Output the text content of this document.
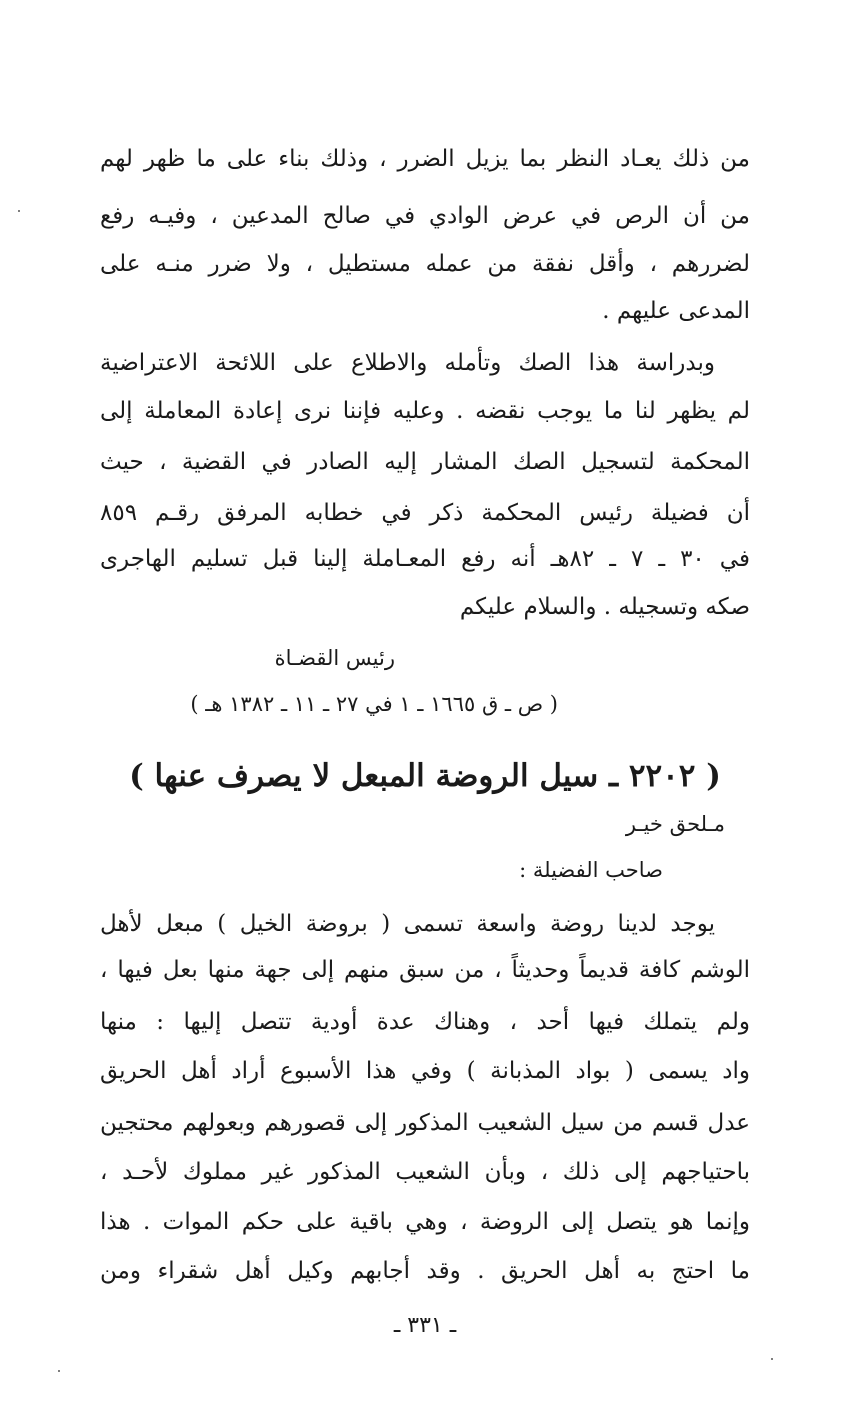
من ذلك يعـاد النظر بما يزيل الضرر ، وذلك بناء على ما ظهر لهم
من أن الرص في عرض الوادي في صالح المدعين ، وفيـه رفع
لضررهم ، وأقل نفقة من عمله مستطيل ، ولا ضرر منـه على
المدعى عليهم .
وبدراسة هذا الصك وتأمله والاطلاع على اللائحة الاعتراضية
لم يظهر لنا ما يوجب نقضه . وعليه فإننا نرى إعادة المعاملة إلى
المحكمة لتسجيل الصك المشار إليه الصادر في القضية ، حيث
أن فضيلة رئيس المحكمة ذكر في خطابه المرفق رقـم ٨٥٩
في ٣٠ ـ ٧ ـ ٨٢هـ أنه رفع المعـاملة إلينا قبل تسليم الهاجرى
صكه وتسجيله . والسلام عليكم
رئيس القضـاة
( ص ـ ق ١٦٦٥ ـ ١ في ٢٧ ـ ١١ ـ ١٣٨٢ هـ )
( ٢٢٠٢ ـ سيل الروضة المبعل لا يصرف عنها )
مـلحق خيـر
صاحب الفضيلة :
يوجد لدينا روضة واسعة تسمى ( بروضة الخيل ) مبعل لأهل
الوشم كافة قديماً وحديثاً ، من سبق منهم إلى جهة منها بعل فيها ،
ولم يتملك فيها أحد ، وهناك عدة أودية تتصل إليها : منها
واد يسمى ( بواد المذبانة ) وفي هذا الأسبوع أراد أهل الحريق
عدل قسم من سيل الشعيب المذكور إلى قصورهم وبعولهم محتجين
باحتياجهم إلى ذلك ، وبأن الشعيب المذكور غير مملوك لأحـد ،
وإنما هو يتصل إلى الروضة ، وهي باقية على حكم الموات . هذا
ما احتج به أهل الحريق . وقد أجابهم وكيل أهل شقراء ومن
ـ ٣٣١ ـ
